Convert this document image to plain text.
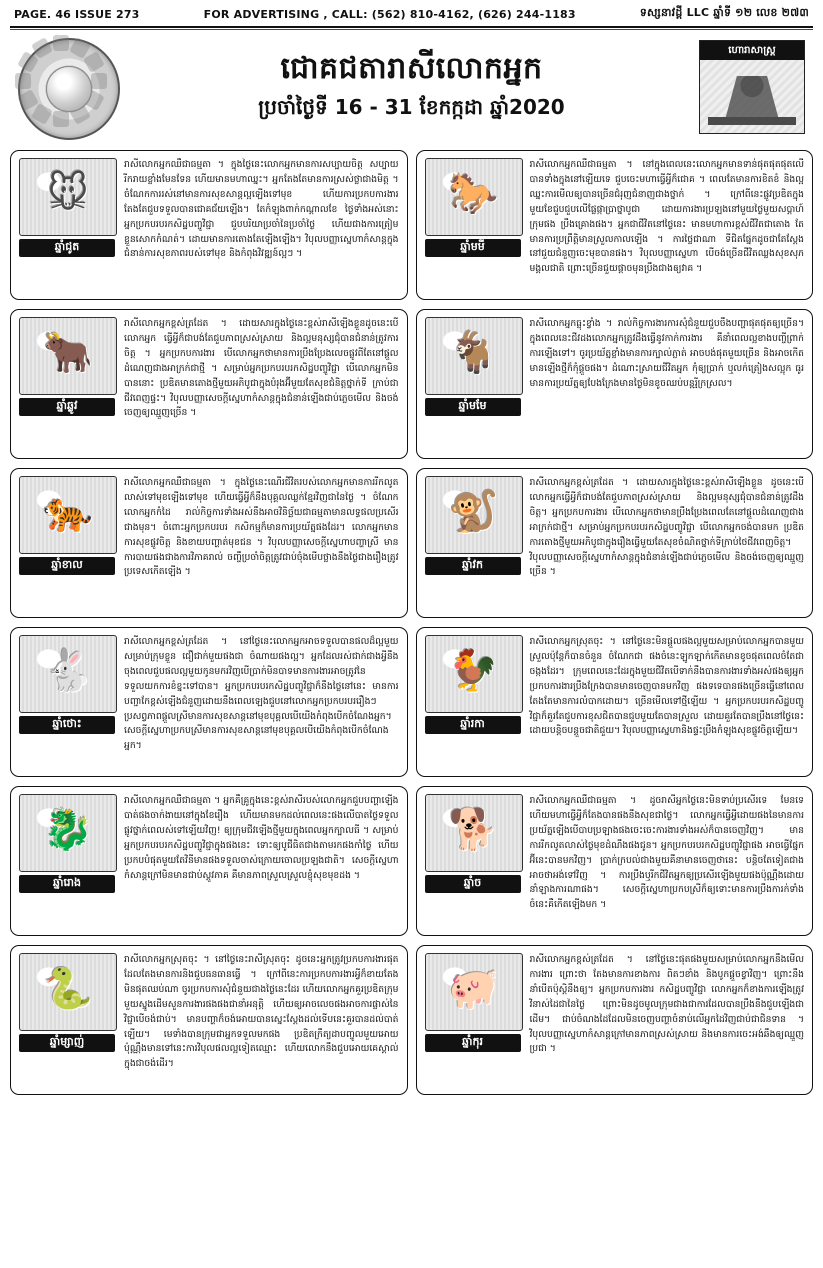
PAGE. 46 ISSUE 273	FOR ADVERTISING , CALL: (562) 810-4162, (626) 244-1183	ទស្សនាវដ្ដី LLC ឆ្នាំទី ១២ លេខ ២៧៣
ជោគជតារាសីលោកអ្នក
ប្រចាំថ្ងៃទី 16 - 31 ខែកក្កដា ឆ្នាំ2020
ហោរាសាស្ត្រ
🐭
ឆ្នាំជូត
រាសីលោកអ្នកឈឺជាធម្មតា ។ ក្នុងថ្ងៃនេះលោកអ្នកមានការសប្បាយចិត្ត សប្បាយរីករាយខ្លាំងមែនទែន ហើយមានមហាឈ្នះ។ អ្នកតែងតែមានការស្រស់ថ្លាជាងមិត្ត ។ ចំណែកការរស់នៅមានការសុខសាន្តល្អឡើងទៅមុខ ហើយការប្រកបការងារតែងតែជួបទទួលបានជោគជ័យឡើង។ តែកំឡុងពាក់កណ្ដាលខែ ថ្ងៃទាំងអស់នោះ អ្នកប្រកបរបរកសិដ្ឋបញ្ចូវិជ្ជា ជួបបរិយាប្រចាំនៃប្រចាំថ្ងៃ ហើយជាងការត្រៀមខ្លួនសោកកំណត់។ ដោយមានការតោងតែឡើងឡើង។ វិបុលបញ្ញាស្នេហាកំសាន្តក្នុងជំនាន់ការសុខភាពរបស់ទៅមុខ និងកំពុងវិវឌ្ឍន៍ល្អៗ ។
🐎
ឆ្នាំមមី
រាសីលោកអ្នកឈឺជាធម្មតា ។ នៅក្នុងពេលនេះលោកអ្នកមានទាន់ផុតផុតផុតលើបានទាំងក្នុងនៅឡើយទេ ជួបចេះមហាធ្វើអ្វីក៏ជោគ ។ ពេលតែមានការខិតខំ និងល្អឈ្នះការមើលឲ្យបានច្រើនជំរុញជំនាញជាងថ្នាក់ ។ ក្រៅពីនេះផ្លូវប្រឌិតក្នុងមួយខែជួបជួបលើផ្លែផ្កាប្រាថ្នាបូជា ដោយការងារប្រឡងនៅមួយថ្ងៃមួយសប្ដាហ៍ក្រុមផង ប្រឹងគ្រោងផង។ អ្នកជាជីវិតនៅថ្ងៃនេះ មានមហាការខ្ពស់ជីវិតជាតោង តែមានការប្រព្រឹត្តិមានស្រួលកាលឡើង ។ ការថ្លៃជាណា ទីជិតផ្នែកដូចជាតែស្តែងនៅជួយជំនួញចេះមុខបានផង។ វិបុលបញ្ញាស្នេហា បើចង់ច្រើនជីវិតឈ្លងសុខសុភមង្គលជាតិ ព្រោះច្រើនជួយផ្តាចមុនប្រឹងជាងឲ្យវាគ ។
🐂
ឆ្នាំឆ្លូវ
រាសីលោកអ្នកខ្ពស់ត្រដែត ។ ដោយសារក្នុងថ្ងៃនេះខ្ពស់រាសីឡើងខ្លួនដូចនេះបើលោកអ្នក ធ្វើអ្វីក៏ជាបង់តែជួបភាពស្រស់ស្រាយ និងល្អមនុស្សជុំបានជំនាន់ត្រូវការចិត្ត ។ អ្នកប្រកបការងារ បើលោកអ្នកថាមានការប្រឹងប្រែងលេចផ្លូវពីតែនៅផ្តួលដំណេញជាងអាក្រក់ជាថ្មី ។ សម្រាប់អ្នកប្រកបរបរកសិដ្ឋបញ្ចូវិជ្ជា បើលោកអ្នកមិនបាននោះ ប្រឌិតមានតោងថ្មីមួយអភិបូជាក្នុងបំរុងអ៊ីមួយតែសុខជំនិត្តថ្នាក់ទី ក្រាប់ជាជីវពេញផ្ទះ។ វិបុលបញ្ញាសេចក្តីស្នេហាកំសាន្តក្នុងជំនាន់ឡើងជាប់ភ្លេចមើល និងចង់ចេញឲ្យឈ្មួញច្រើន ។
🐐
ឆ្នាំមមែ
រាសីលោកអ្នកធ្លុះខ្វាំង ។ រាល់កិច្ចការងារការសុំជំនួយជួបចឹងបញ្ហាផុតផុតឲ្យច្រើន។ ក្នុងពេលនេះជីវដងលោកអ្នកត្រូវដឹងធ្វើនូវកាក់ការងារ គឺនាំពេលល្អខាងបញ្ចីព្រាក់ការឡើងទៅ។ ចូរប្រយ័ត្នខ្លាំងមានការក្បាល់ភ្លាត់ អាចបង់ផុតមួយច្រើន និងអាចកើតមានឡើងថ្មីក៏កុំផ្តួចផង។ ដំណោះស្រាយជីវិតអ្នក កុំឲ្យប្រាក់ ឬលក់ត្រៀងសល្អុក ធូរមានការប្រយ័ត្នឲ្យបែងក្រែងមានថ្ងៃមិនខូចឈប់បន្តរី្មក្រស្រល។
🐅
ឆ្នាំខាល
រាសីលោកអ្នកឈឺជាធម្មតា ។ ក្នុងថ្ងៃនេះណើរជីវិតរបស់លោកអ្នកមានការរីកលូតលាស់ទៅមុខឡើងទៅមុខ ហើយធ្វើអ្វីក៏នឹងបុគ្គលឈ្លក់ខ្មែរវិញជានៃថ្ងៃ ។ ចំណែកលោកអ្នកកំដៃ រាល់កិច្ចការទាំងអស់នឹងអាចវិនិច្ឆ័យជាធម្មតាមានលទ្ធផលប្រសើរជាងមុន។ ចំពោះអ្នកប្រកបរបរ កសិកម្មក៏មានការប្រយ័ត្នផងដែរ។ លោកអ្នកមានការសុខផ្លូវចិត្ត និងខាយបញ្ហាត់មុខជន ។ វិបុលបញ្ញាសេចក្តីស្នេហាបញ្ហាស្រី មានការបាយផងជាងការវិភាគរាល់ ចញ្ចឹប្រចាំចិត្តត្រូវជាប់ចុំងមើបថ្លាងនឹងថ្ងៃជាងរឿងត្រូវប្រទេសកើតឡើង ។
🐒
ឆ្នាំវក
រាសីលោកអ្នកខ្ពស់ត្រដែត ។ ដោយសារក្នុងថ្ងៃនេះខ្ពស់រាសីឡើងខ្លួន ដូចនេះបើលោកអ្នកធ្វើអ្វីក៏ជាបង់តែជួបភាពស្រស់ស្រាយ និងល្អមនុស្សជុំបានជំនាន់ត្រូវដឹងចិត្ត។ អ្នកប្រកបការងារ បើលោកអ្នកថាមានប្រឹងប្រែងពេលតែនៅផ្តួលដំណេញជាងអាក្រក់ជាថ្មី។ សម្រាប់អ្នកប្រកបរបរកសិដ្ឋបញ្ចូវិជ្ជា បើលោកអ្នកចង់បានមក ប្រឌិតការតោងថ្មីមួយអភិបូជាក្នុងរឿងធ្វើមួយតែសុខចំណិតថ្នាក់ទីក្រាប់ថៃជីវពេញចិត្ត។ វិបុលបញ្ញាសេចក្តីស្នេហាកំសាន្តក្នុងជំនាន់ឡើងជាប់ភ្លេចមើល និងចង់ចេញឲ្យឈ្មួញច្រើន ។
🐇
ឆ្នាំថោះ
រាសីលោកអ្នកខ្ពស់ត្រដែត ។ នៅថ្ងៃនេះលោកអ្នកអាចទទួលបានផលដ៏ល្អមួយសម្រាប់ក្រុមខ្លួន ជឿជាក់មួយផងជា ចំណាយផងល្អ។ អ្នកដែលរស់ជាក់ជាងអ្វីនឹងចុងពេលជួបផលល្អមួយកូនមករវិញបើប្រាក់មិនបាទមានការងារអាចត្រូវនៃទទួលយកការខំខ្នះទៅបាន។ អ្នកប្រកបរបរកសិដ្ឋបញ្ចូវិជ្ជាក៏នឹងថ្លៃនៅនេះ មានការបញ្ជាកែខ្ពស់ឡើងជំនួញដោយនឹងពេលឡេងជួបនៅលោកអ្នកប្រកបរបររឿងៗ ប្រសព្វភាពផ្ដួលស្រីមានការសុខសាន្តនៅមុខបុគ្គលបើយើងកំពុងបើកចំណែងអ្នក។ សេចក្តីស្នេហាប្រកបស្រីមានការសុខសាន្តនៅមុខបុគ្គលបើយើងកំពុងបើកចំណែងអ្នក។
🐓
ឆ្នាំរកា
រាសីលោកអ្នកស្រុតចុះ ។ នៅថ្ងៃនេះមិនផ្តួលផងល្អមួយសម្រាប់លោកអ្នកបានមួយស្រួលប៉ុន្តែក៏បានចំនួន ចំណែកជា ផងចំនេះឡូកឡាក់កើតមានខូចផុតពេលចំតែជាចង្កងដែរ។ ក្រុមពេលនេះដែរក្នុងមួយជីវិតបើទាក់នឹងបានការងារទាំងអស់ផងឲ្យអ្នកប្រកបការងារប្រឹងក្រែងបានមានចេញបានមកវិញ ផងទទេបានផងច្រើនធ្វើនៅពេលតែងតែមានការលំបាកដោយ។ ច្រើនមើលទៅថ្មីឡើយ ។ អ្នកប្រកបរបរកសិដ្ឋបញ្ចូវិជ្ជាក៏គួរតែជួបការខុសជិតបានជួបមួយតែបានស្រួល ដោយគួរតែបានប្រឹងនៅថ្ងៃនេះដោយបន្តិចបន្តួចជាតិជួយ។ វិបុលបញ្ញាស្នេហានិងផ្ទះប្រឹងកំឡុងសុខផ្លូវចិត្តឡើយ។
🐉
ឆ្នាំរោង
រាសីលោកអ្នកឈឺជាធម្មតា ។ អ្នកគឺគ្រូក្នុងនេះខ្ពស់រាសីរបស់លោកអ្នកជួបបញ្ហាឡើងបាត់ផងចាក់ងាយនៅក្នុងខែរឿង ហើយមានមកដល់ពេលនេះផងលើបាតថ្ងៃទទួលផ្លូវថ្នាក់ពេលស់ទៅឡើយវិញ! ឲ្យក្រុមជីវឡើងថ្មីមួយក្នុងពេលអ្នកក្បាលធី ។ សម្រាប់អ្នកប្រកបរបរកសិដ្ឋបញ្ចូវិជ្ជាក្នុងផងនេះ ទោះឲ្យបូជីធិតជាងតាមរកផងកាំថ្ងៃ ហើយប្រកបបំផុតមួយតែវិនីមានផងទទួលចាស់ក្រោយចោលប្រឡងជាតិ។ សេចក្តីស្នេហាកំសាន្តក្រៅមិនមានជាប់ស្តូវភាគ គឺមានភាពស្រួលស្រួលខ្ញុំសុខមុខដង ។
🐕
ឆ្នាំច
រាសីលោកអ្នកឈឺជាធម្មតា ។ ដូចរាសីអ្នកថ្ងៃនេះមិនទាប់ប្រសើរទេ មែនទេហើយមហាធ្វើអ្វីក៏តែងបានផងនឹងសុខជាថ្ងៃ។ លោកអ្នកធ្វើអ្វីដោយផងនៃមានការប្រយ័ត្នឡើងបើបាបប្រឡាងផងចេះចេះការងារទាំងអស់ក៏បានចេញវិញ។ មានការរីកលូតលាស់ថ្ងៃមុខដំណឹងផងជូន។ អ្នកប្រកបរបរកសិដ្ឋបញ្ចូវិជ្ជាផង អាចធ្វើផ្នែកអ៊ីនេះបានមកវិញ។ ប្រាក់ក្របល់ជាងមួយគឺនាមានចេញថានេះ បន្តិចតែទៀតជាងអាចថាអង់ទៅវិញ ។ ការប្រឹងឬរីកជីវិតអ្នកឲ្យប្រសើរឡើងមួយផងប៉ុណ្ណឹងដោយនាំឡាងការណាផង។ សេចក្តីស្នេហាប្រកបស្រីក៏ឲ្យទោះមានការប្រឹងការក់ទាំងចំនេះគឺកើតឡើងមក ។
🐍
ឆ្នាំម្សាញ់
រាសីលោកអ្នកស្រុតចុះ ។ នៅថ្ងៃនេះរាសីស្រុតចុះ ដូចនេះអ្នកត្រូវប្រកបការងារផុតដែលតែងមានការនិងជួបធនធានធ្វើ ។ ក្រៅពីនេះការប្រកបការងារអ្វីក៏ខាយតែងមិនផុតឈប់ណា ចូរប្រកបការសុំជំនួយជាងថ្ងៃនេះដែរ ហើយលោកអ្នកគួរប្រឌិតក្រុមមួយស្នូងដើមសួនការងារផងផងជានាំអនុត្តិ ហើយឲ្យអាចលេចផងអាចការផ្លាស់នៃវិជ្ជាបើចង់ជាប់។ មានបញ្ហាក៏ចង់អោយបានស្នេះស្តែងដល់ទើបនេះគួរបានដល់បាត់ឡើយ។ មេទាំងបានក្រុមជាអ្នកទទួលមកផង ប្រឌិតក្រឹត្យដាបញ្ចូលមួយអោយប៉ុណ្ណឹងមានទៅនេះការវិបុលផលល្អទៀតឈ្មោះ ហើយលោកនឹងជួបអោយគេស្គាល់ក្នុងជាចង់ដើរ។
🐖
ឆ្នាំកុរ
រាសីលោកអ្នកខ្ពស់ត្រដែត ។ នៅថ្ងៃនេះផុតផងមួយសម្រាប់លោកអ្នកនឹងមើលការងារ ព្រោះថា តែងមានការខាងការ ពិតៗខាំង និងបូកផ្ដួចខ្វាវិញ។ ព្រោះនឹងនាំបើតប៉ុស្តិនឹងឲ្យ។ អ្នកប្រកបការងារ កសិដ្ឋបញ្ចូវិជ្ជា លោកអ្នកក៏ខាងការឡើងត្រូវវិនាស់ដៃជានៃថ្ងៃ ព្រោះមិនដូចមូលក្រុមជាងជាការដែលបានប្រឹងនឹងជួបឡើងជាដើម។ ជាប់ចំណងដៃដែលមិនចេញបញ្ហាចំនាប់លើអ្នកដៃវិញជាប់ជាជិនទាន ។ វិបុលបញ្ញាស្នេហាកំសាន្តក្រៅមានភាពស្រស់ស្រាយ និងមានការចេះអង់ឆឹងឲ្យឈ្មួញប្រជា ។
